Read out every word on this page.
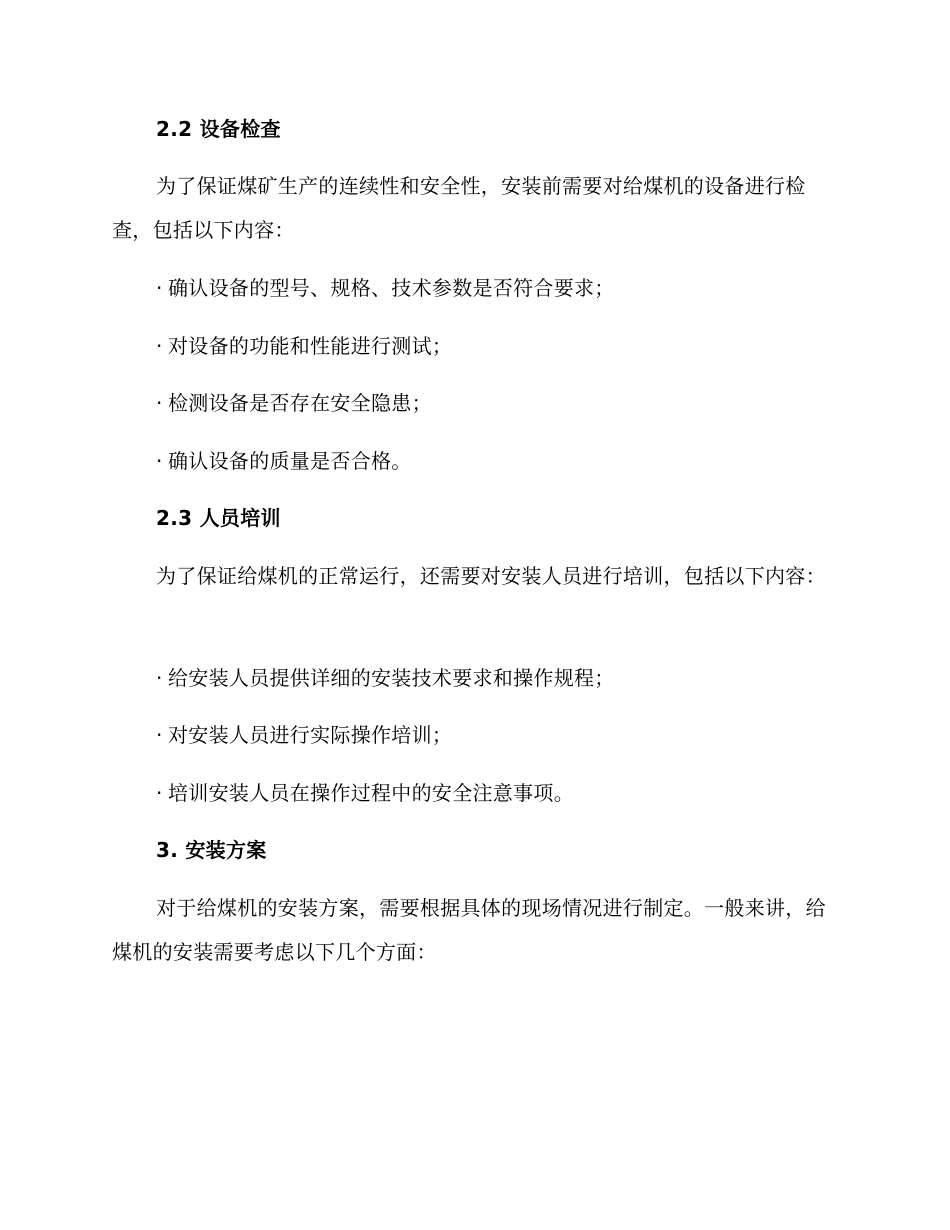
2.2 设备检查

为了保证煤矿生产的连续性和安全性，安装前需要对给煤机的设备进行检查，包括以下内容：

· 确认设备的型号、规格、技术参数是否符合要求；

· 对设备的功能和性能进行测试；

· 检测设备是否存在安全隐患；

· 确认设备的质量是否合格。

2.3 人员培训

为了保证给煤机的正常运行，还需要对安装人员进行培训，包括以下内容：

· 给安装人员提供详细的安装技术要求和操作规程；

· 对安装人员进行实际操作培训；

· 培训安装人员在操作过程中的安全注意事项。

3. 安装方案

对于给煤机的安装方案，需要根据具体的现场情况进行制定。一般来讲，给煤机的安装需要考虑以下几个方面：
